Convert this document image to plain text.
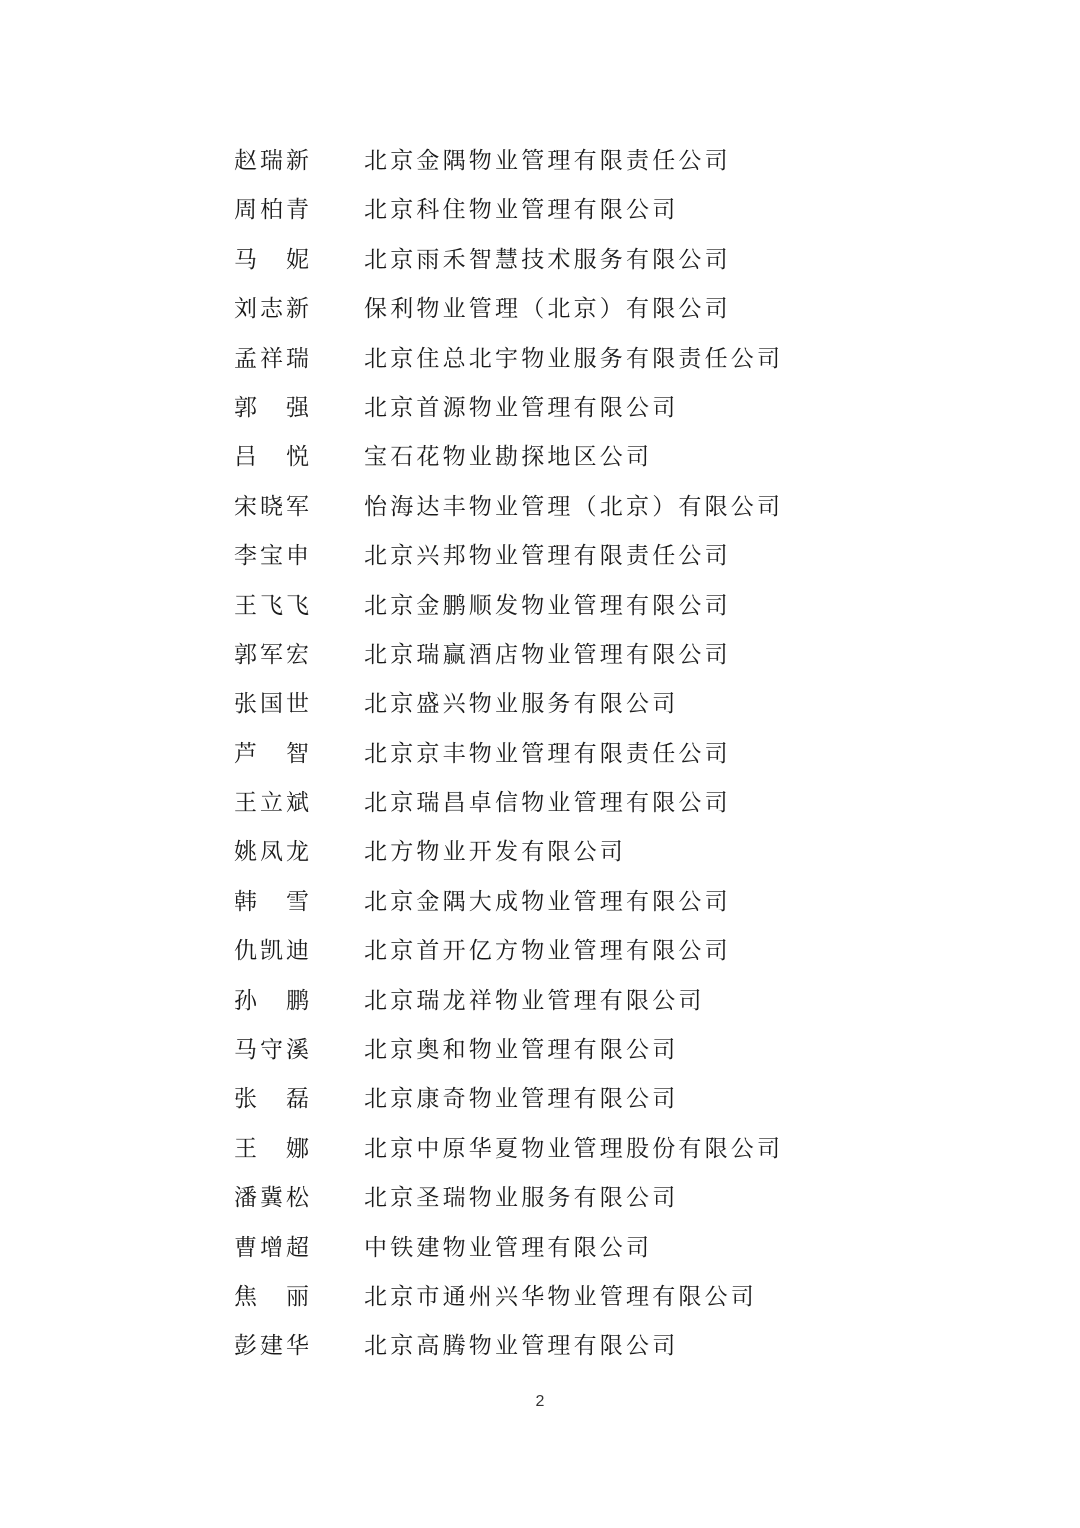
赵瑞新 北京金隅物业管理有限责任公司
周柏青 北京科住物业管理有限公司
马 妮 北京雨禾智慧技术服务有限公司
刘志新 保利物业管理（北京）有限公司
孟祥瑞 北京住总北宇物业服务有限责任公司
郭 强 北京首源物业管理有限公司
吕 悦 宝石花物业勘探地区公司
宋晓军 怡海达丰物业管理（北京）有限公司
李宝申 北京兴邦物业管理有限责任公司
王飞飞 北京金鹏顺发物业管理有限公司
郭军宏 北京瑞赢酒店物业管理有限公司
张国世 北京盛兴物业服务有限公司
芦 智 北京京丰物业管理有限责任公司
王立斌 北京瑞昌卓信物业管理有限公司
姚凤龙 北方物业开发有限公司
韩 雪 北京金隅大成物业管理有限公司
仇凯迪 北京首开亿方物业管理有限公司
孙 鹏 北京瑞龙祥物业管理有限公司
马守溪 北京奥和物业管理有限公司
张 磊 北京康奇物业管理有限公司
王 娜 北京中原华夏物业管理股份有限公司
潘冀松 北京圣瑞物业服务有限公司
曹增超 中铁建物业管理有限公司
焦 丽 北京市通州兴华物业管理有限公司
彭建华 北京高腾物业管理有限公司
2
